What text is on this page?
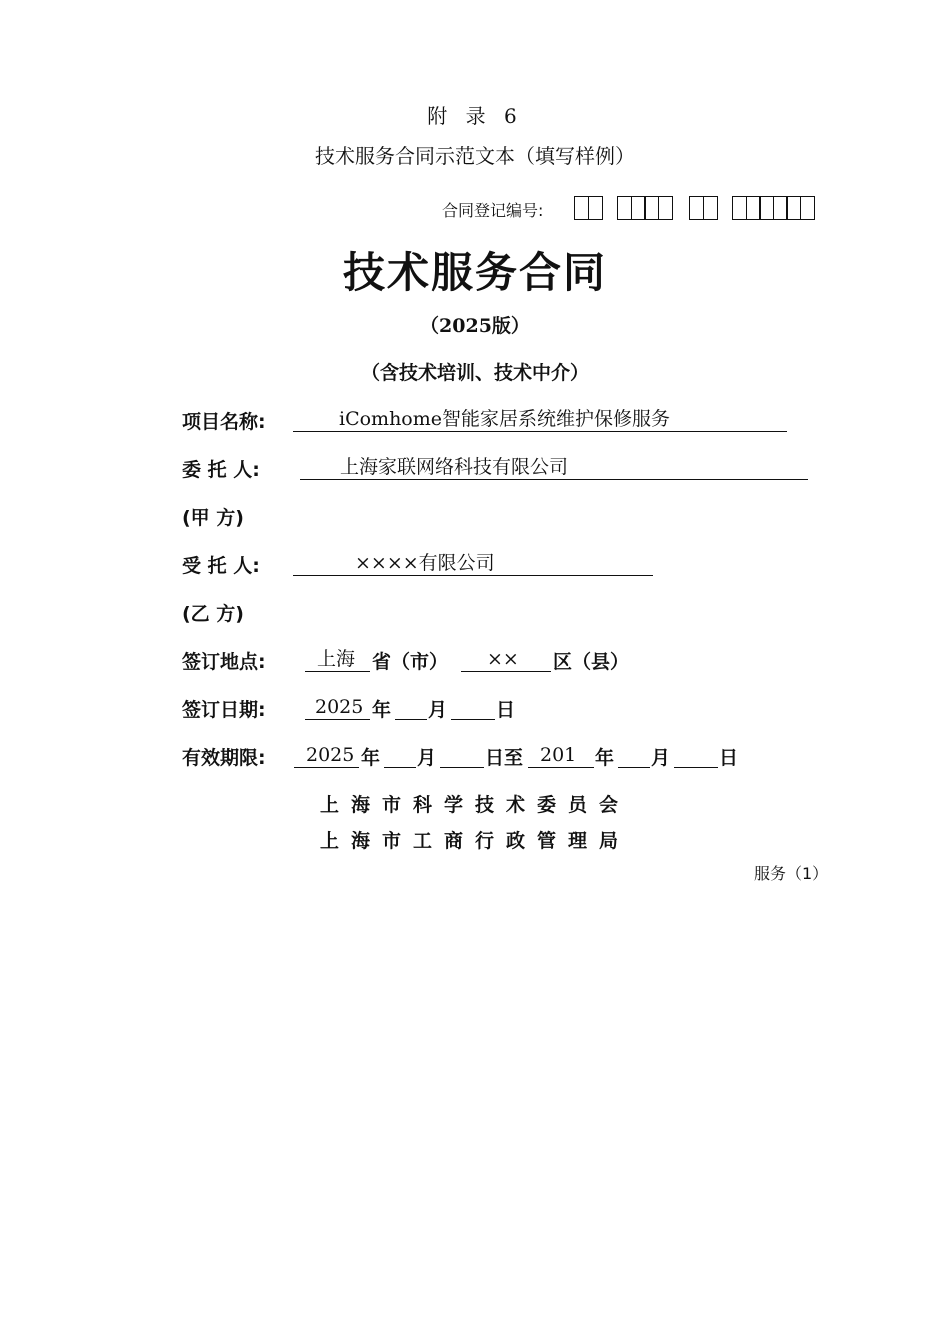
附 录 6
技术服务合同示范文本（填写样例）
合同登记编号:
技术服务合同
（2025版）
（含技术培训、技术中介）
项目名称:	iComhome智能家居系统维护保修服务
委 托 人:	上海家联网络科技有限公司
(甲 方)
受 托 人:	××××有限公司
(乙 方)
签订地点:	上海 省（市）	××	区（县）
签订日期:	2025 年 月	日
有效期限:	2025 年 月	日至 201 年 月	日
上海市科学技术委员会
上海市工商行政管理局
服务（1）
